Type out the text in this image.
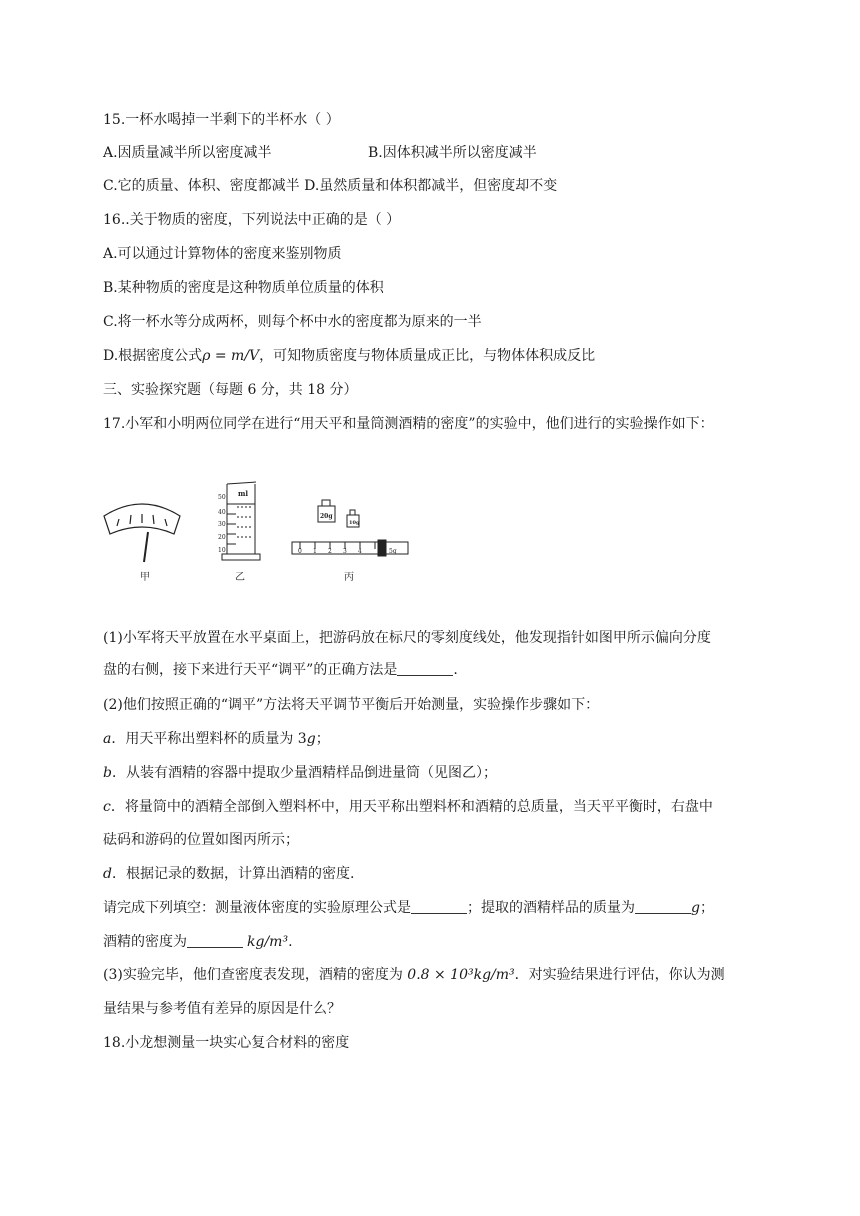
15.一杯水喝掉一半剩下的半杯水（ ）
A.因质量减半所以密度减半	B.因体积减半所以密度减半
C.它的质量、体积、密度都减半 D.虽然质量和体积都减半，但密度却不变
16..关于物质的密度，下列说法中正确的是（ ）
A.可以通过计算物体的密度来鉴别物质
B.某种物质的密度是这种物质单位质量的体积
C.将一杯水等分成两杯，则每个杯中水的密度都为原来的一半
D.根据密度公式ρ = m/V，可知物质密度与物体质量成正比，与物体体积成反比
三、实验探究题（每题 6 分，共 18 分）
17.小军和小明两位同学在进行“用天平和量筒测酒精的密度”的实验中，他们进行的实验操作如下：
甲
ml
50
40
30
20
10
乙
20g
10g
0 1 2 3 4	5g
丙
(1)小军将天平放置在水平桌面上，把游码放在标尺的零刻度线处，他发现指针如图甲所示偏向分度
盘的右侧，接下来进行天平“调平”的正确方法是	.
(2)他们按照正确的“调平”方法将天平调节平衡后开始测量，实验操作步骤如下：
a．用天平称出塑料杯的质量为 3g；
b．从装有酒精的容器中提取少量酒精样品倒进量筒（见图乙）；
c．将量筒中的酒精全部倒入塑料杯中，用天平称出塑料杯和酒精的总质量，当天平平衡时，右盘中
砝码和游码的位置如图丙所示；
d．根据记录的数据，计算出酒精的密度.
请完成下列填空：测量液体密度的实验原理公式是	；提取的酒精样品的质量为	g；
酒精的密度为	kg/m³.
(3)实验完毕，他们查密度表发现，酒精的密度为 0.8 × 10³kg/m³．对实验结果进行评估，你认为测
量结果与参考值有差异的原因是什么？
18.小龙想测量一块实心复合材料的密度
